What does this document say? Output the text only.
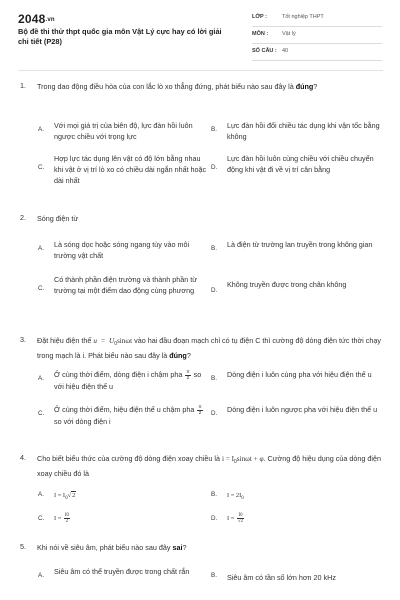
2048.vn
Bộ đề thi thử thpt quốc gia môn Vật Lý cực hay có lời giải chi tiết (P28)
LỚP :	Tốt nghiệp THPT
MÔN :	Vật lý
SỐ CÂU : 40
1. Trong dao động điều hòa của con lắc lò xo thẳng đứng, phát biểu nào sau đây là đúng?
A. Với mọi giá trị của biên độ, lực đàn hồi luôn ngược chiều với trọng lực
B. Lực đàn hồi đổi chiều tác dụng khi vận tốc bằng không
C.
Hợp lực tác dụng lên vật có độ lớn bằng nhau khi vật ở vị trí lò xo có chiều dài ngắn nhất hoặc dài nhất
D.
Lực đàn hồi luôn cùng chiều với chiều chuyển động khi vật đi về vị trí cân bằng
2. Sóng điện từ
A. Là sóng dọc hoặc sóng ngang tùy vào môi trường vật chất
B. Là điện từ trường lan truyền trong không gian
C.
Có thành phần điện trường và thành phần từ trường tại một điểm dao động cùng phương	D.
Không truyền được trong chân không
3. Đặt hiệu điện thế $u = U_0\sin\omega t$ vào hai đầu đoạn mạch chỉ có tụ điện C thì cường độ dòng điện tức thời chạy trong mạch là i. Phát biểu nào sau đây là đúng?
A. Ở cùng thời điểm, dòng điện i chậm pha $\frac{\pi}{2}$ so với hiệu điện thế u
B. Dòng điện i luôn cùng pha với hiệu điện thế u
C. Ở cùng thời điểm, hiệu điện thế u chậm pha $\frac{\pi}{2}$
so với dòng điện i
D. Dòng điện i luôn ngược pha với hiệu điện thế u
4. Cho biết biểu thức của cường độ dòng điện xoay chiều là $i = I_0\sin\omega t + \varphi$. Cường độ hiệu dụng của dòng điện xoay chiều đó là
A. $I = I_0√2$	B. $I = 2I_0$
C. $I = \frac{I0}{2}$	D. $I = \frac{I0}{√2}$
5. Khi nói về siêu âm, phát biểu nào sau đây sai?
A. Siêu âm có thể truyền được trong chất rắn	B. Siêu âm có tần số lớn hơn 20 kHz
